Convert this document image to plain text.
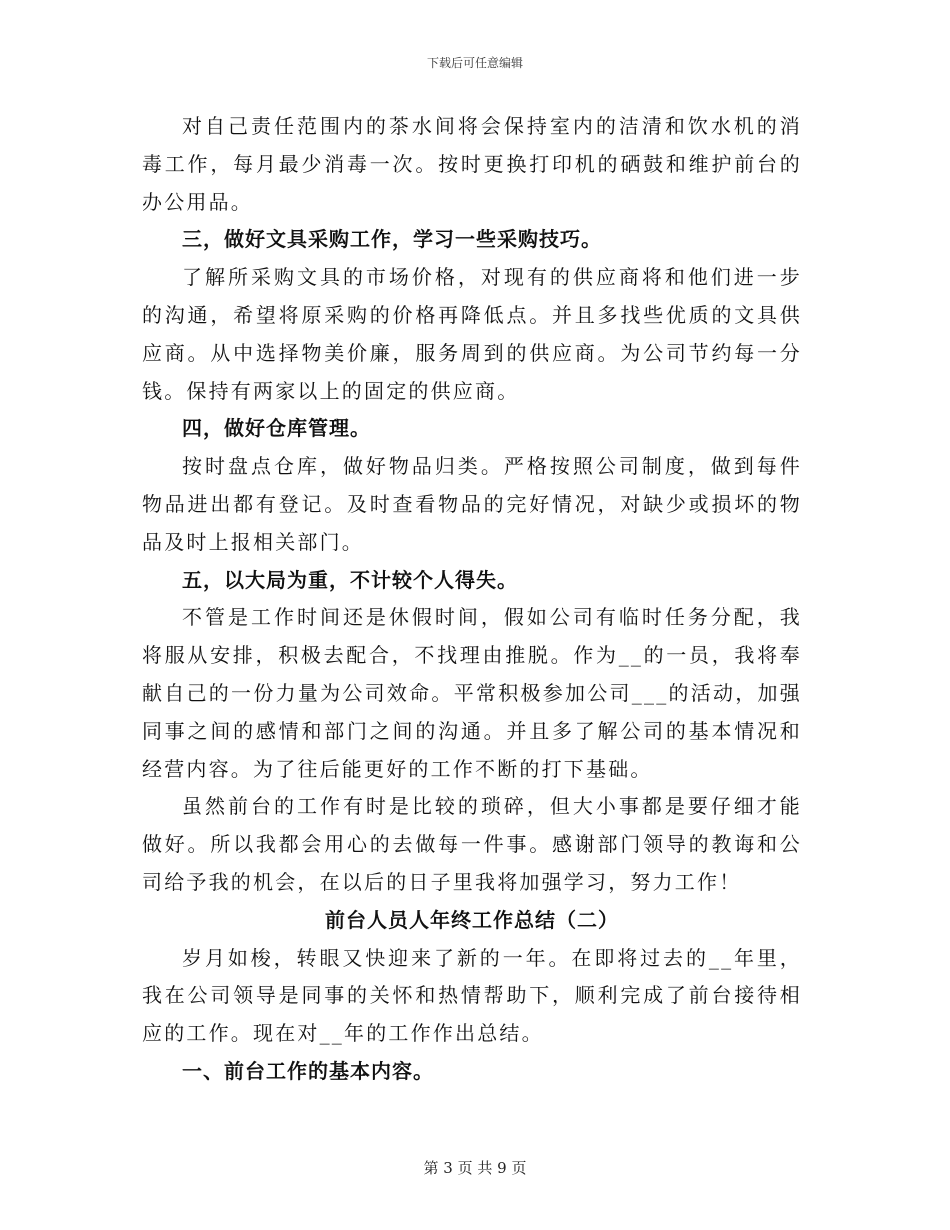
下载后可任意编辑

对自己责任范围内的茶水间将会保持室内的洁清和饮水机的消毒工作，每月最少消毒一次。按时更换打印机的硒鼓和维护前台的办公用品。

三，做好文具采购工作，学习一些采购技巧。

了解所采购文具的市场价格，对现有的供应商将和他们进一步的沟通，希望将原采购的价格再降低点。并且多找些优质的文具供应商。从中选择物美价廉，服务周到的供应商。为公司节约每一分钱。保持有两家以上的固定的供应商。

四，做好仓库管理。

按时盘点仓库，做好物品归类。严格按照公司制度，做到每件物品进出都有登记。及时查看物品的完好情况，对缺少或损坏的物品及时上报相关部门。

五，以大局为重，不计较个人得失。

不管是工作时间还是休假时间，假如公司有临时任务分配，我将服从安排，积极去配合，不找理由推脱。作为__的一员，我将奉献自己的一份力量为公司效命。平常积极参加公司___的活动，加强同事之间的感情和部门之间的沟通。并且多了解公司的基本情况和经营内容。为了往后能更好的工作不断的打下基础。

虽然前台的工作有时是比较的琐碎，但大小事都是要仔细才能做好。所以我都会用心的去做每一件事。感谢部门领导的教诲和公司给予我的机会，在以后的日子里我将加强学习，努力工作！

前台人员人年终工作总结（二）

岁月如梭，转眼又快迎来了新的一年。在即将过去的__年里，我在公司领导是同事的关怀和热情帮助下，顺利完成了前台接待相应的工作。现在对__年的工作作出总结。

一、前台工作的基本内容。

第 3 页 共 9 页
